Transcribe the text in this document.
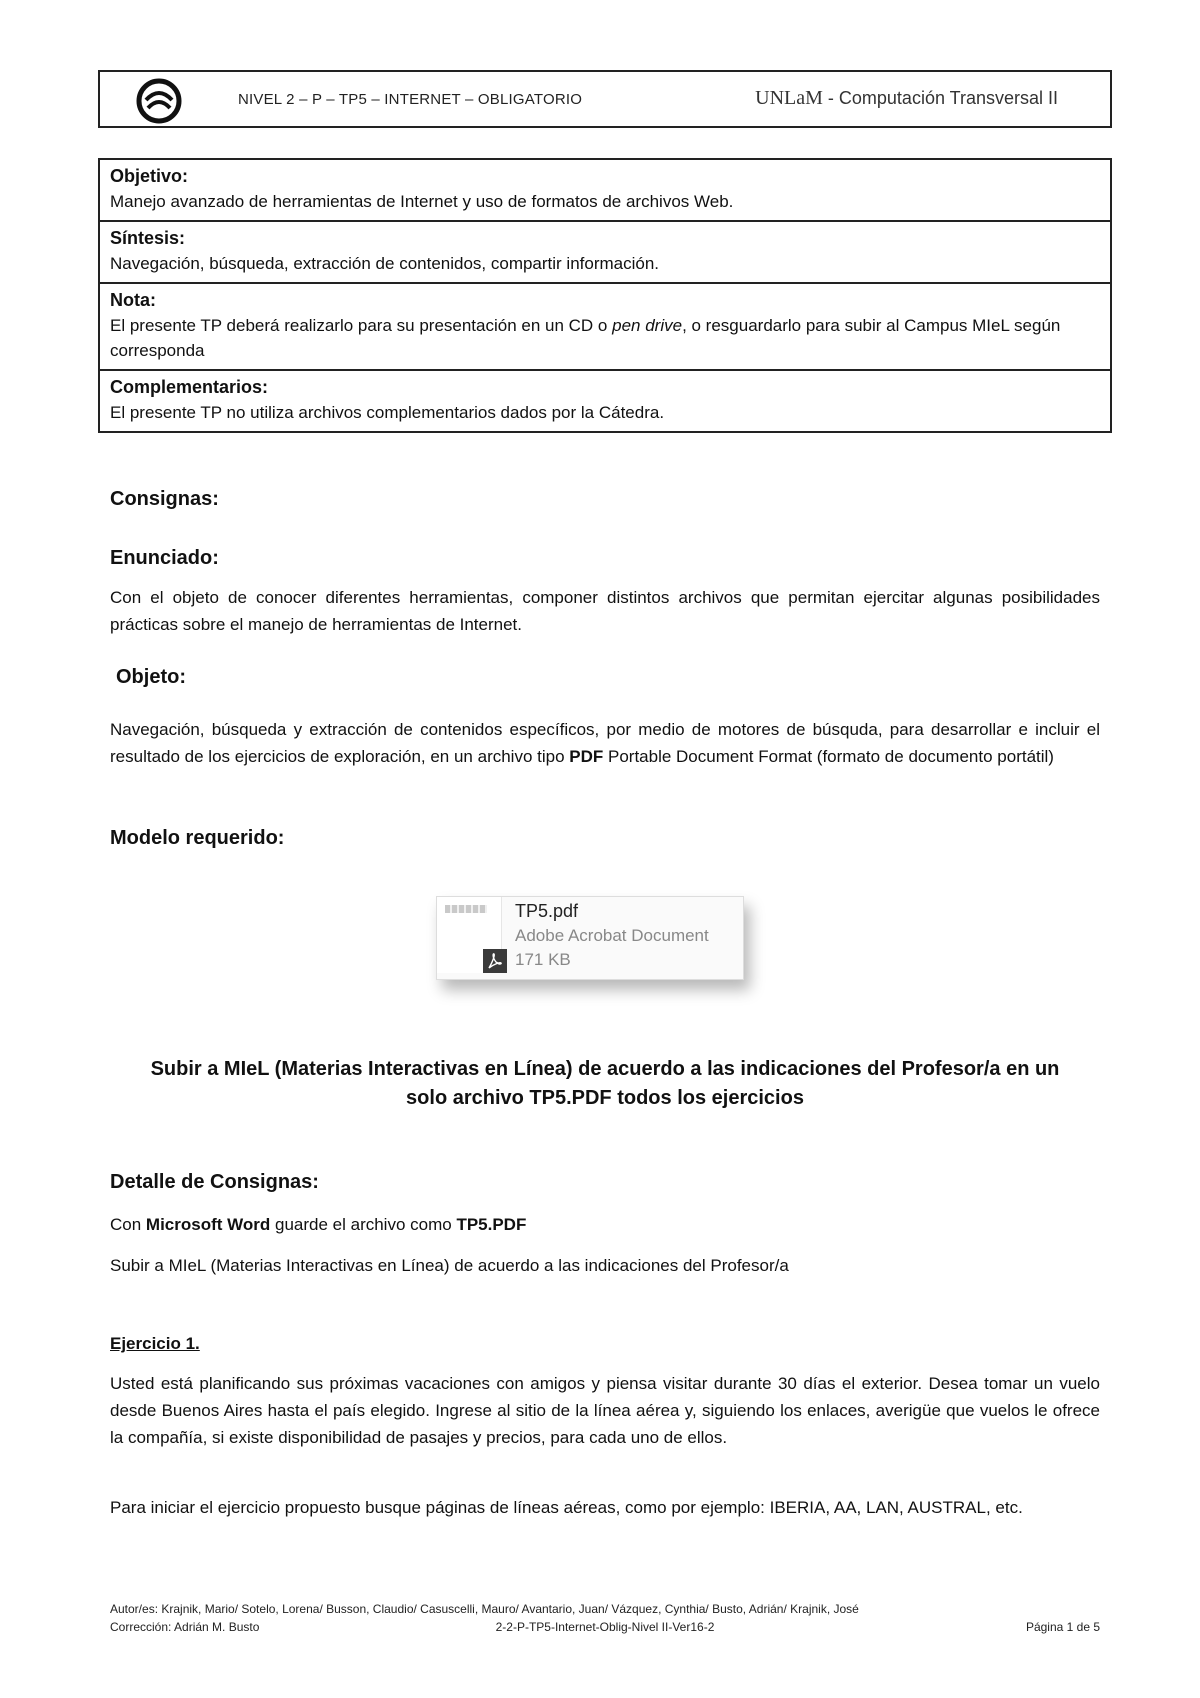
NIVEL 2 – P – TP5 – INTERNET – OBLIGATORIO	UNLaM - Computación Transversal II
Objetivo:

Manejo avanzado de herramientas de Internet y uso de formatos de archivos Web.

Síntesis:

Navegación, búsqueda, extracción de contenidos, compartir información.

Nota:

El presente TP deberá realizarlo para su presentación en un CD o pen drive, o resguardarlo para subir al Campus MIeL según corresponda

Complementarios:

El presente TP no utiliza archivos complementarios dados por la Cátedra.

Consignas:
Enunciado:

Con el objeto de conocer diferentes herramientas, componer distintos archivos que permitan ejercitar algunas posibilidades prácticas sobre el manejo de herramientas de Internet.

Objeto:

Navegación, búsqueda y extracción de contenidos específicos, por medio de motores de búsquda, para desarrollar e incluir el resultado de los ejercicios de exploración, en un archivo tipo PDF Portable Document Format (formato de documento portátil)

Modelo requerido:
TP5.pdf
Adobe Acrobat Document
171 KB
Subir a MIeL (Materias Interactivas en Línea) de acuerdo a las indicaciones del Profesor/a en un
solo archivo TP5.PDF todos los ejercicios
Detalle de Consignas:

Con Microsoft Word guarde el archivo como TP5.PDF

Subir a MIeL (Materias Interactivas en Línea) de acuerdo a las indicaciones del Profesor/a

Ejercicio 1.

Usted está planificando sus próximas vacaciones con amigos y piensa visitar durante 30 días el exterior. Desea tomar un vuelo desde Buenos Aires hasta el país elegido. Ingrese al sitio de la línea aérea y, siguiendo los enlaces, averigüe que vuelos le ofrece la compañía, si existe disponibilidad de pasajes y precios, para cada uno de ellos.

Para iniciar el ejercicio propuesto busque páginas de líneas aéreas, como por ejemplo: IBERIA, AA, LAN, AUSTRAL, etc.

Autor/es: Krajnik, Mario/ Sotelo, Lorena/ Busson, Claudio/ Casuscelli, Mauro/ Avantario, Juan/ Vázquez, Cynthia/ Busto, Adrián/ Krajnik, José
Corrección: Adrián M. Busto	2-2-P-TP5-Internet-Oblig-Nivel II-Ver16-2	Página 1 de 5
